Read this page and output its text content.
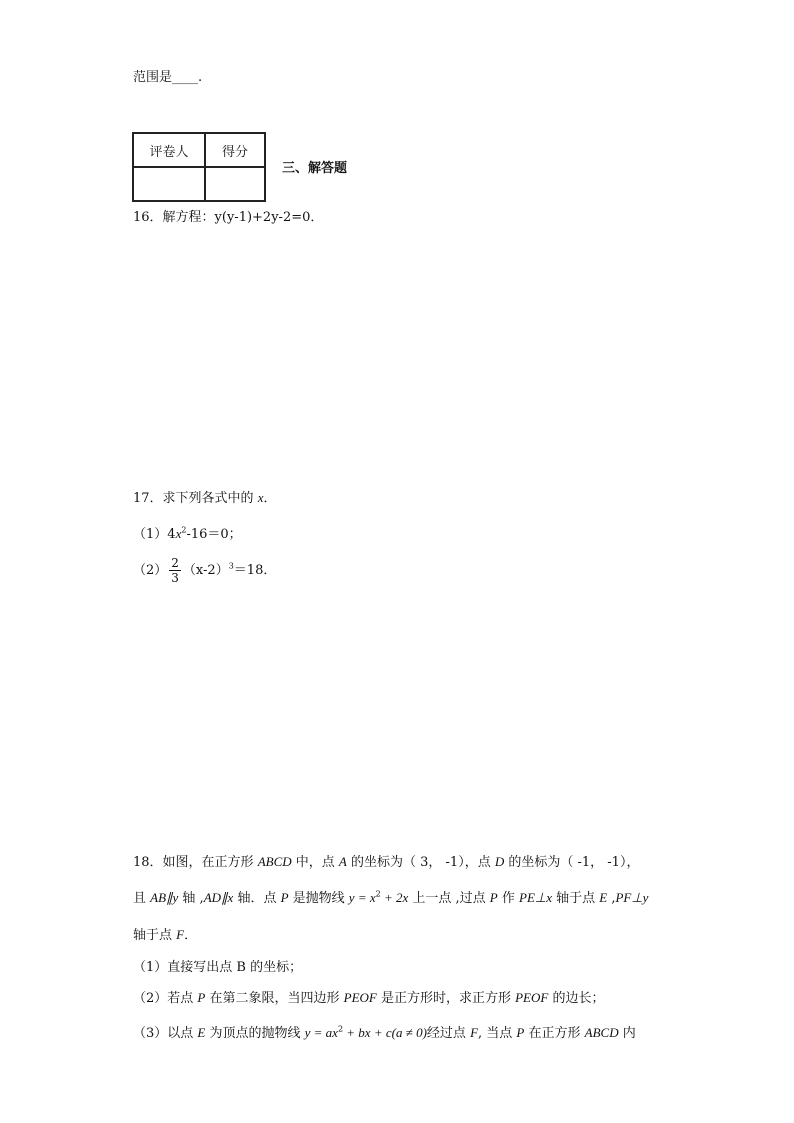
范围是____.
评卷人	得分

三、解答题
16．解方程：y(y-1)+2y-2=0．
17．求下列各式中的 x．
$(1)4x^2-16=0$；
$(2) \frac{2}{3} (x-2)^3=18$．
18．如图，在正方形 ABCD 中，点 A 的坐标为（ 3， -1），点 D 的坐标为（ -1， -1），
且 AB∥y 轴 ,AD∥x 轴．点 P 是抛物线 $y = x^2 + 2x$ 上一点 ,过点 P 作 PE⊥x 轴于点 E ,PF⊥y
轴于点 F．
（1）直接写出点 B 的坐标；
（2）若点 P 在第二象限，当四边形 PEOF 是正方形时，求正方形 PEOF 的边长；
（3）以点 E 为顶点的抛物线 $y = ax^2$ + bx + c(a ≠ 0)经过点 F, 当点 P 在正方形 ABCD 内
